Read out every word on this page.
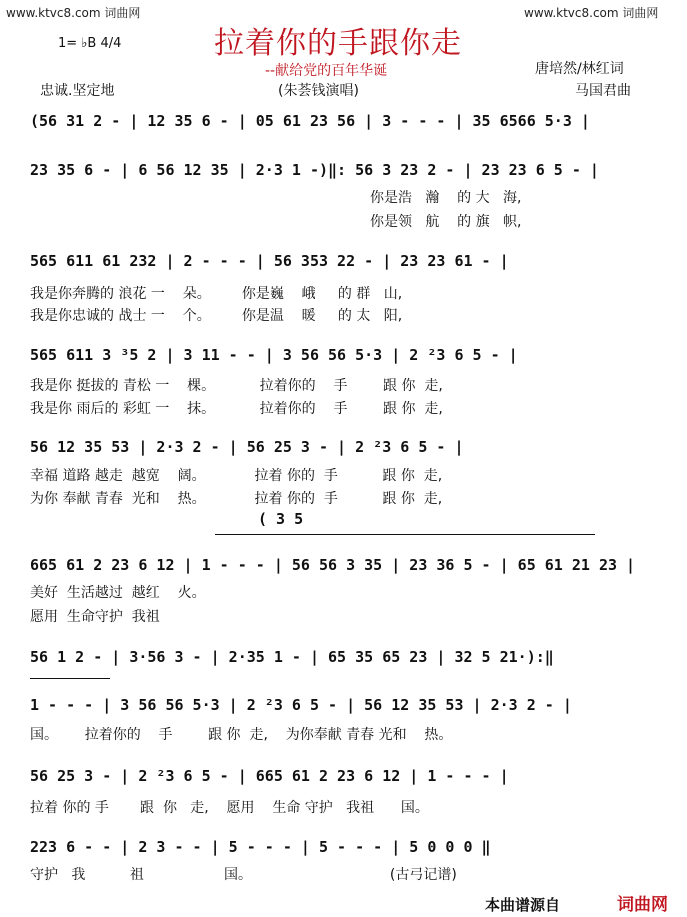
www.ktvc8.com 词曲网	www.ktvc8.com 词曲网
1= ♭B 4/4	拉着你的手跟你走
--献给党的百年华诞	唐培然/林红词
忠诚.坚定地	(朱荟钱演唱)	马国君曲
(56 31 2 - | 12 35 6 - | 05 61 23 56 | 3 - - - | 35 6566 5·3 |
23 35 6 - | 6 56 12 35 | 2·3 1 -)‖: 56 3 23 2 - | 23 23 6 5 - |
你是浩   瀚    的 大   海,
你是领   航    的 旗   帜,
565 611 61 232 | 2 - - - | 56 353 22 - | 23 23 61 - |
我是你奔腾的 浪花 一    朵。       你是巍    峨     的 群   山,
我是你忠诚的 战士 一    个。       你是温    暖     的 太   阳,
565 611 3 ³5 2 | 3 11 - - | 3 56 56 5·3 | 2 ²3 6 5 - |
我是你 挺拔的 青松 一    棵。          拉着你的    手        跟 你  走,
我是你 雨后的 彩虹 一    抹。          拉着你的    手        跟 你  走,
56 12 35 53 | 2·3 2 - | 56 25 3 - | 2 ²3 6 5 - |
幸福 道路 越走  越宽    阔。           拉着 你的  手          跟 你  走,
为你 奉献 青春  光和    热。           拉着 你的  手          跟 你  走,
( 3 5
665 61 2 23 6 12 | 1 - - - | 56 56 3 35 | 23 36 5 - | 65 61 21 23 |
美好  生活越过  越红    火。
愿用  生命守护  我祖
56 1 2 - | 3·56 3 - | 2·35 1 - | 65 35 65 23 | 32 5 21·):‖
1 - - - | 3 56 56 5·3 | 2 ²3 6 5 - | 56 12 35 53 | 2·3 2 - |
国。      拉着你的    手        跟 你  走,    为你奉献 青春 光和    热。
56 25 3 - | 2 ²3 6 5 - | 665 61 2 23 6 12 | 1 - - - |
拉着 你的 手       跟  你   走,    愿用    生命 守护   我祖      国。
223 6 - - | 2 3 - - | 5 - - - | 5 - - - | 5 0 0 0 ‖
守护   我          祖                  国。                               (古弓记谱)
本曲谱源自	词曲网
